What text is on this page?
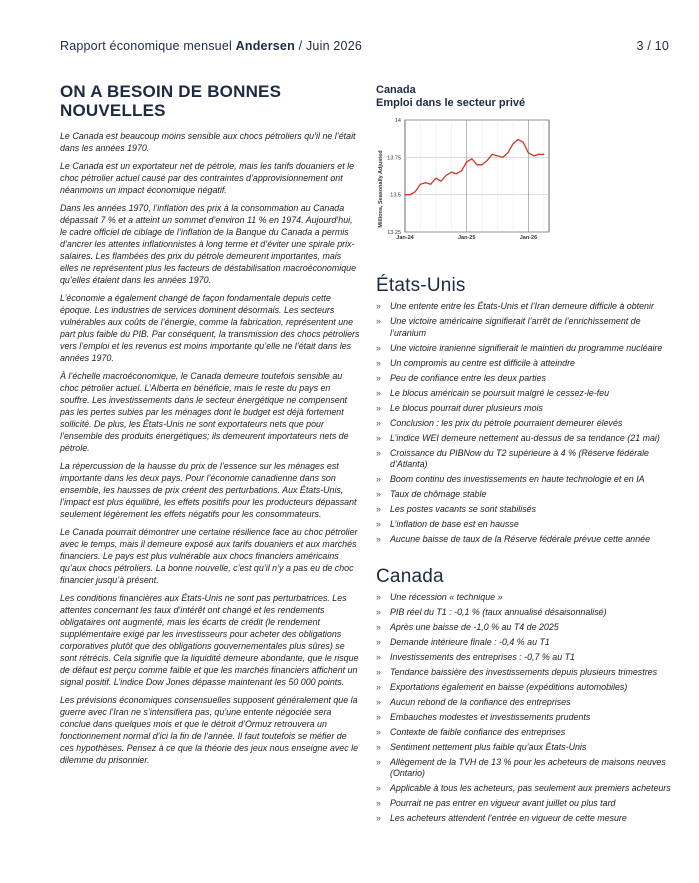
Rapport économique mensuel Andersen / Juin 2026	3 / 10
ON A BESOIN DE BONNES NOUVELLES

Le Canada est beaucoup moins sensible aux chocs pétroliers qu’il ne l’était dans les années 1970.

Le Canada est un exportateur net de pétrole, mais les tarifs douaniers et le choc pétrolier actuel causé par des contraintes d’approvisionnement ont néanmoins un impact économique négatif.

Dans les années 1970, l’inflation des prix à la consommation au Canada dépassait 7 % et a atteint un sommet d’environ 11 % en 1974. Aujourd’hui, le cadre officiel de ciblage de l’inflation de la Banque du Canada a permis d’ancrer les attentes inflationnistes à long terme et d’éviter une spirale prix-salaires. Les flambées des prix du pétrole demeurent importantes, mais elles ne représentent plus les facteurs de déstabilisation macroéconomique qu’elles étaient dans les années 1970.

L’économie a également changé de façon fondamentale depuis cette époque. Les industries de services dominent désormais. Les secteurs vulnérables aux coûts de l’énergie, comme la fabrication, représentent une part plus faible du PIB. Par conséquent, la transmission des chocs pétroliers vers l’emploi et les revenus est moins importante qu’elle ne l’était dans les années 1970.

À l’échelle macroéconomique, le Canada demeure toutefois sensible au choc pétrolier actuel. L’Alberta en bénéficie, mais le reste du pays en souffre. Les investissements dans le secteur énergétique ne compensent pas les pertes subies par les ménages dont le budget est déjà fortement sollicité. De plus, les États-Unis ne sont exportateurs nets que pour l’ensemble des produits énergétiques; ils demeurent importateurs nets de pétrole.

La répercussion de la hausse du prix de l’essence sur les ménages est importante dans les deux pays. Pour l’économie canadienne dans son ensemble, les hausses de prix créent des perturbations. Aux États-Unis, l’impact est plus équilibré, les effets positifs pour les producteurs dépassant seulement légèrement les effets négatifs pour les consommateurs.

Le Canada pourrait démontrer une certaine résilience face au choc pétrolier avec le temps, mais il demeure exposé aux tarifs douaniers et aux marchés financiers. Le pays est plus vulnérable aux chocs financiers américains qu’aux chocs pétroliers. La bonne nouvelle, c’est qu’il n’y a pas eu de choc financier jusqu’à présent.

Les conditions financières aux États-Unis ne sont pas perturbatrices. Les attentes concernant les taux d’intérêt ont changé et les rendements obligataires ont augmenté, mais les écarts de crédit (le rendement supplémentaire exigé par les investisseurs pour acheter des obligations corporatives plutôt que des obligations gouvernementales plus sûres) se sont rétrécis. Cela signifie que la liquidité demeure abondante, que le risque de défaut est perçu comme faible et que les marchés financiers affichent un signal positif. L’indice Dow Jones dépasse maintenant les 50 000 points.

Les prévisions économiques consensuelles supposent généralement que la guerre avec l’Iran ne s’intensifiera pas, qu’une entente négociée sera conclue dans quelques mois et que le détroit d’Ormuz retrouvera un fonctionnement normal d’ici la fin de l’année. Il faut toutefois se méfier de ces hypothèses. Pensez à ce que la théorie des jeux nous enseigne avec le dilemme du prisonnier.

Canada
Emploi dans le secteur privé
Millions, Seasonally Adjusted
14
13.75
13.5
13.25
Jan-24	Jan-25	Jan-26
États-Unis
» Une entente entre les États-Unis et l’Iran demeure difficile à obtenir
» Une victoire américaine signifierait l’arrêt de l’enrichissement de l’uranium
» Une victoire iranienne signifierait le maintien du programme nucléaire
» Un compromis au centre est difficile à atteindre
» Peu de confiance entre les deux parties
» Le blocus américain se poursuit malgré le cessez-le-feu
» Le blocus pourrait durer plusieurs mois
» Conclusion : les prix du pétrole pourraient demeurer élevés
» L’indice WEI demeure nettement au-dessus de sa tendance (21 mai)
» Croissance du PIBNow du T2 supérieure à 4 % (Réserve fédérale d’Atlanta)
» Boom continu des investissements en haute technologie et en IA
» Taux de chômage stable
» Les postes vacants se sont stabilisés
» L’inflation de base est en hausse
» Aucune baisse de taux de la Réserve fédérale prévue cette année
Canada
» Une récession « technique »
» PIB réel du T1 : -0,1 % (taux annualisé désaisonnalisé)
» Après une baisse de -1,0 % au T4 de 2025
» Demande intérieure finale : -0,4 % au T1
» Investissements des entreprises : -0,7 % au T1
» Tendance baissière des investissements depuis plusieurs trimestres
» Exportations également en baisse (expéditions automobiles)
» Aucun rebond de la confiance des entreprises
» Embauches modestes et investissements prudents
» Contexte de faible confiance des entreprises
» Sentiment nettement plus faible qu’aux États-Unis
» Allègement de la TVH de 13 % pour les acheteurs de maisons neuves (Ontario)
» Applicable à tous les acheteurs, pas seulement aux premiers acheteurs
» Pourrait ne pas entrer en vigueur avant juillet ou plus tard
» Les acheteurs attendent l’entrée en vigueur de cette mesure
